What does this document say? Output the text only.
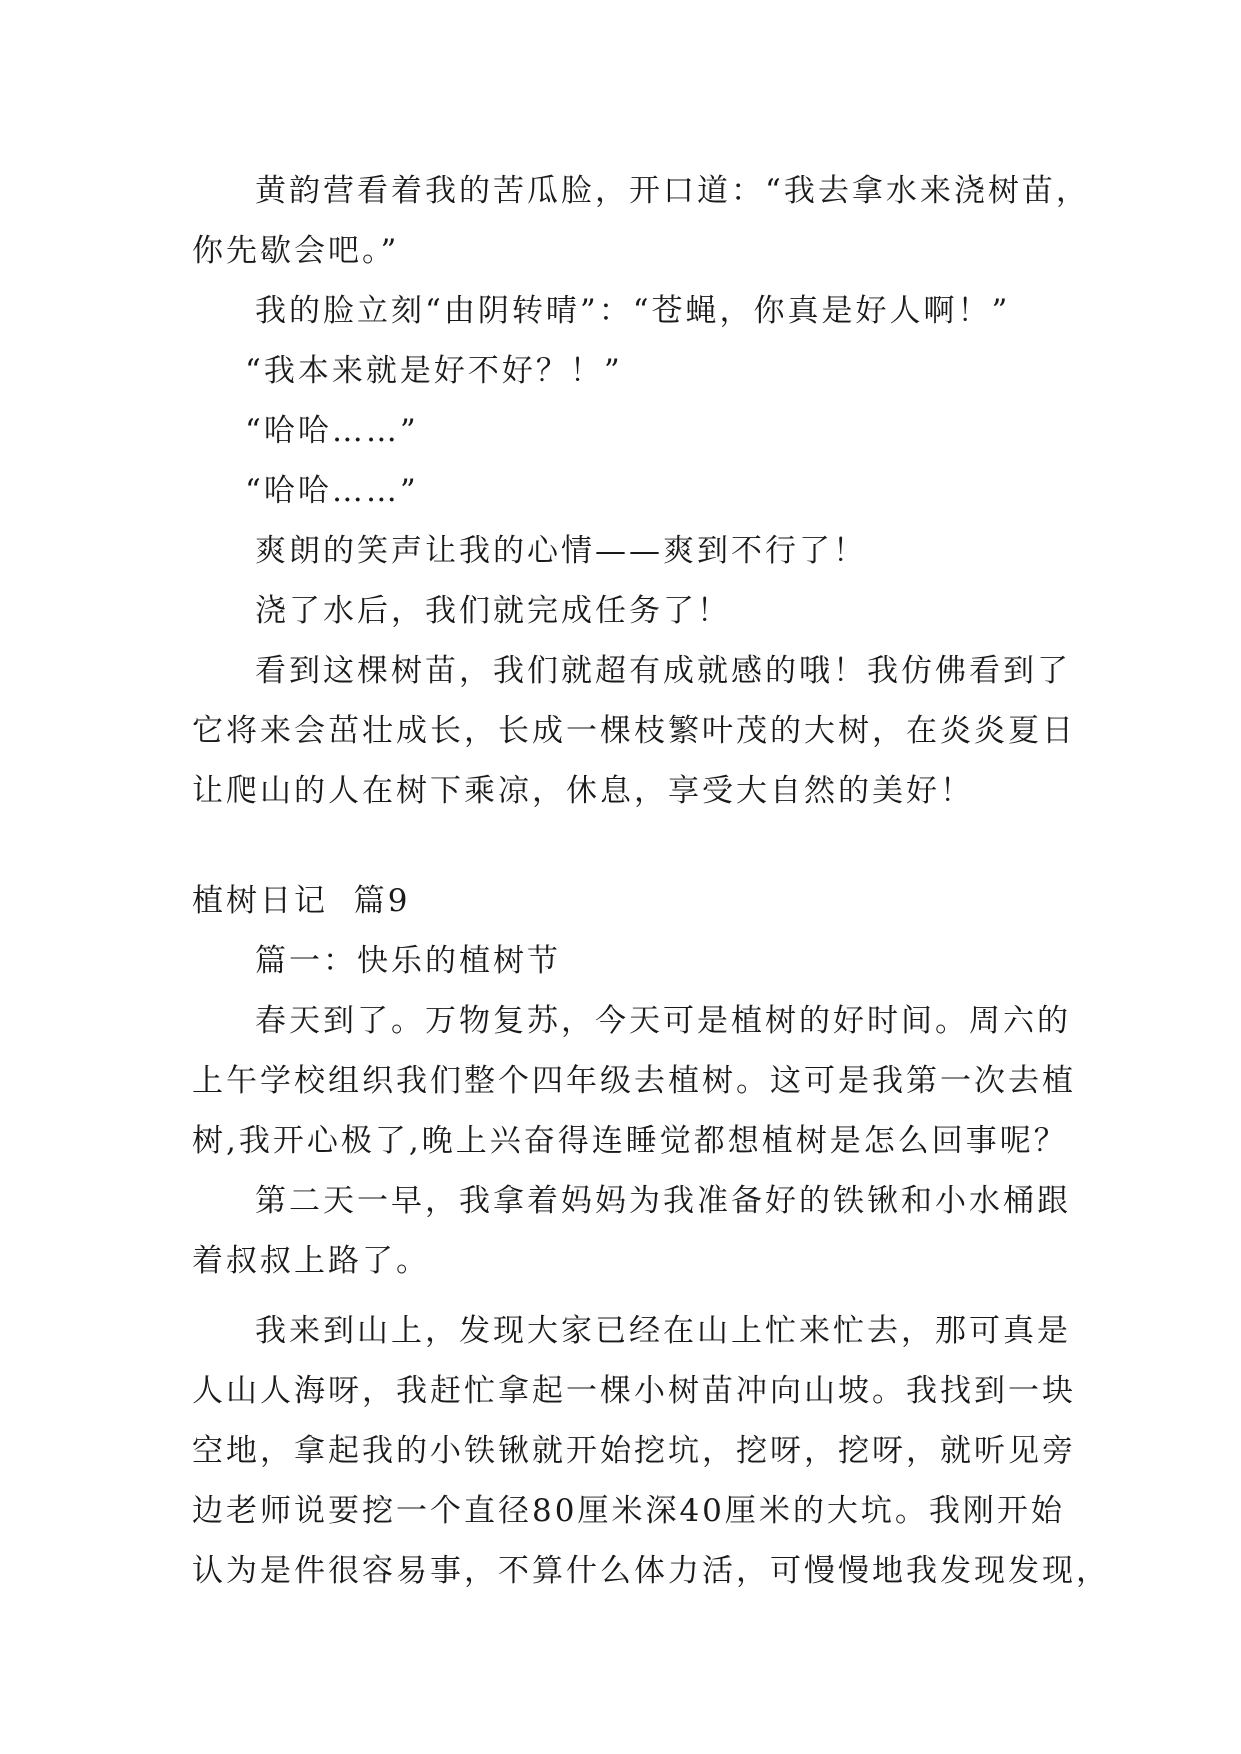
黄韵营看着我的苦瓜脸，开口道：“我去拿水来浇树苗，
你先歇会吧。”
我的脸立刻“由阴转晴”：“苍蝇，你真是好人啊！”
“我本来就是好不好？！”
“哈哈……”
“哈哈……”
爽朗的笑声让我的心情——爽到不行了！
浇了水后，我们就完成任务了！
看到这棵树苗，我们就超有成就感的哦！我仿佛看到了
它将来会茁壮成长，长成一棵枝繁叶茂的大树，在炎炎夏日
让爬山的人在树下乘凉，休息，享受大自然的美好！
植树日记  篇9
篇一：快乐的植树节
春天到了。万物复苏，今天可是植树的好时间。周六的
上午学校组织我们整个四年级去植树。这可是我第一次去植
树,我开心极了,晚上兴奋得连睡觉都想植树是怎么回事呢？
第二天一早，我拿着妈妈为我准备好的铁锹和小水桶跟
着叔叔上路了。
我来到山上，发现大家已经在山上忙来忙去，那可真是
人山人海呀，我赶忙拿起一棵小树苗冲向山坡。我找到一块
空地，拿起我的小铁锹就开始挖坑，挖呀，挖呀，就听见旁
边老师说要挖一个直径80厘米深40厘米的大坑。我刚开始
认为是件很容易事，不算什么体力活，可慢慢地我发现发现，
